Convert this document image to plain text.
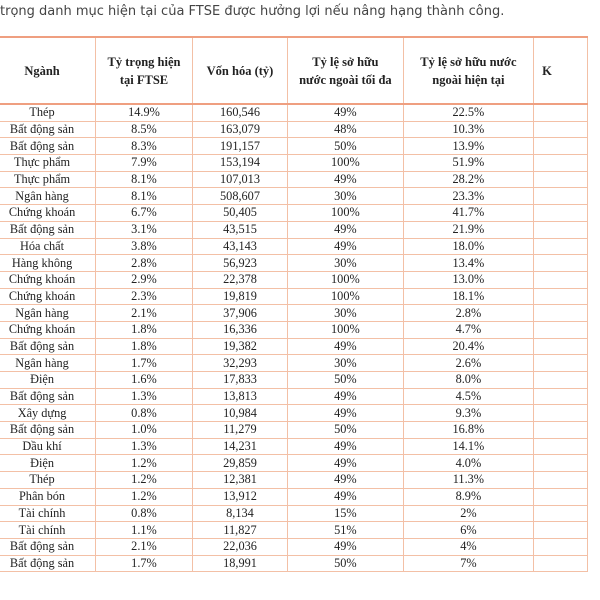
trọng danh mục hiện tại của FTSE được hưởng lợi nếu nâng hạng thành công.
Ngành	Tỷ trọng hiện tại FTSE	Vốn hóa (tỷ)	Tỷ lệ sở hữu nước ngoài tối đa	Tỷ lệ sở hữu nước ngoài hiện tại	K
Thép	14.9%	160,546	49%	22.5%	
Bất động sản	8.5%	163,079	48%	10.3%	
Bất động sản	8.3%	191,157	50%	13.9%	
Thực phẩm	7.9%	153,194	100%	51.9%	
Thực phẩm	8.1%	107,013	49%	28.2%	
Ngân hàng	8.1%	508,607	30%	23.3%	
Chứng khoán	6.7%	50,405	100%	41.7%	
Bất động sản	3.1%	43,515	49%	21.9%	
Hóa chất	3.8%	43,143	49%	18.0%	
Hàng không	2.8%	56,923	30%	13.4%	
Chứng khoán	2.9%	22,378	100%	13.0%	
Chứng khoán	2.3%	19,819	100%	18.1%	
Ngân hàng	2.1%	37,906	30%	2.8%	
Chứng khoán	1.8%	16,336	100%	4.7%	
Bất động sản	1.8%	19,382	49%	20.4%	
Ngân hàng	1.7%	32,293	30%	2.6%	
Điện	1.6%	17,833	50%	8.0%	
Bất động sản	1.3%	13,813	49%	4.5%	
Xây dựng	0.8%	10,984	49%	9.3%	
Bất động sản	1.0%	11,279	50%	16.8%	
Dầu khí	1.3%	14,231	49%	14.1%	
Điện	1.2%	29,859	49%	4.0%	
Thép	1.2%	12,381	49%	11.3%	
Phân bón	1.2%	13,912	49%	8.9%	
Tài chính	0.8%	8,134	15%	2%	
Tài chính	1.1%	11,827	51%	6%	
Bất động sản	2.1%	22,036	49%	4%	
Bất động sản	1.7%	18,991	50%	7%	
